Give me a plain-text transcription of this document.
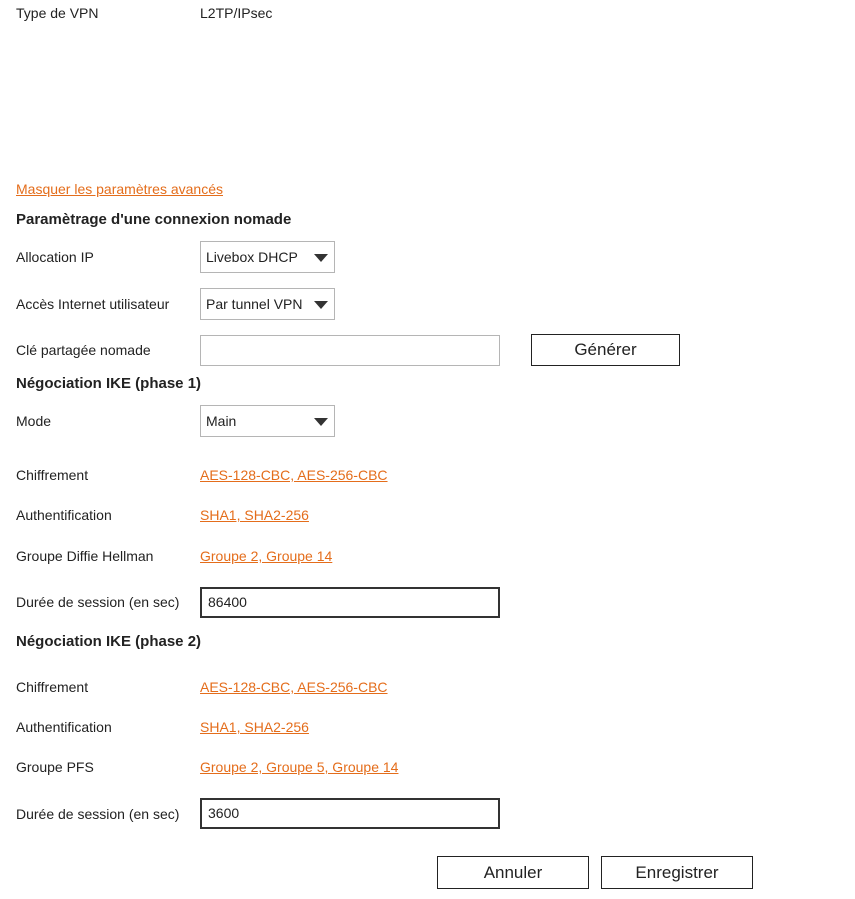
Type de VPN	L2TP/IPsec
Masquer les paramètres avancés
Paramètrage d'une connexion nomade
Allocation IP	Livebox DHCP
Accès Internet utilisateur	Par tunnel VPN
Clé partagée nomade	Générer
Négociation IKE (phase 1)
Mode	Main
Chiffrement	AES-128-CBC, AES-256-CBC
Authentification	SHA1, SHA2-256
Groupe Diffie Hellman	Groupe 2, Groupe 14
Durée de session (en sec)	86400
Négociation IKE (phase 2)
Chiffrement	AES-128-CBC, AES-256-CBC
Authentification	SHA1, SHA2-256
Groupe PFS	Groupe 2, Groupe 5, Groupe 14
Durée de session (en sec)	3600
Annuler	Enregistrer
